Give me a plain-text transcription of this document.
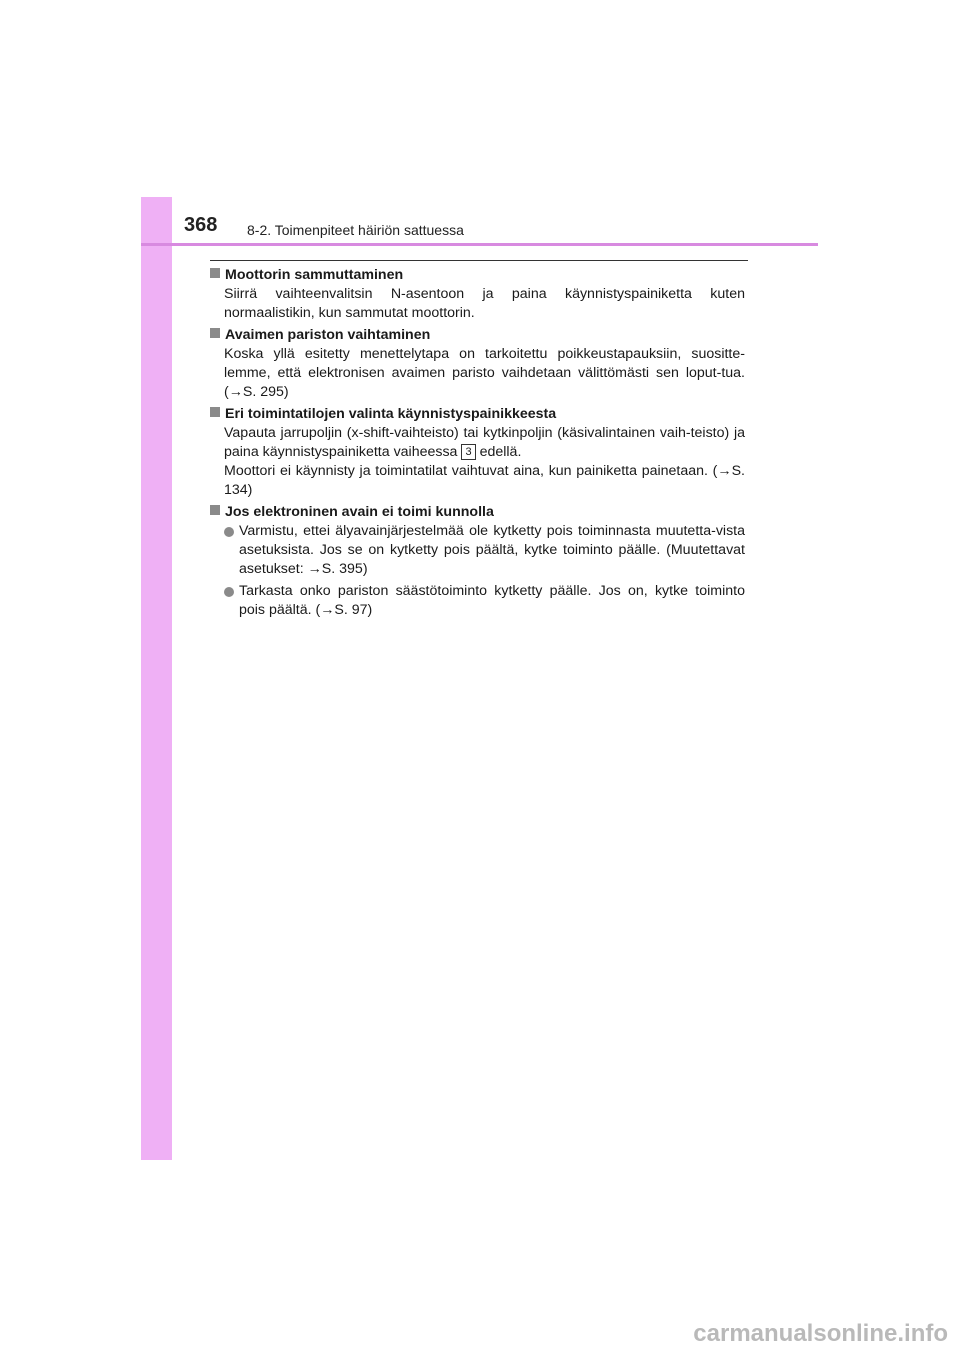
368 8-2. Toimenpiteet häiriön sattuessa
Moottorin sammuttaminen
Siirrä vaihteenvalitsin N-asentoon ja paina käynnistyspainiketta kuten normaalistikin, kun sammutat moottorin.
Avaimen pariston vaihtaminen
Koska yllä esitetty menettelytapa on tarkoitettu poikkeustapauksiin, suositte-lemme, että elektronisen avaimen paristo vaihdetaan välittömästi sen loput-tua. (→S. 295)
Eri toimintatilojen valinta käynnistyspainikkeesta

Vapauta jarrupoljin (x-shift-vaihteisto) tai kytkinpoljin (käsivalintainen vaih-teisto) ja paina käynnistyspainiketta vaiheessa 3 edellä.

Moottori ei käynnisty ja toimintatilat vaihtuvat aina, kun painiketta painetaan. (→S. 134)

Jos elektroninen avain ei toimi kunnolla
Varmistu, ettei älyavainjärjestelmää ole kytketty pois toiminnasta muutetta-vista asetuksista. Jos se on kytketty pois päältä, kytke toiminto päälle. (Muutettavat asetukset: →S. 395)
Tarkasta onko pariston säästötoiminto kytketty päälle. Jos on, kytke toiminto pois päältä. (→S. 97)
carmanualsonline.info
